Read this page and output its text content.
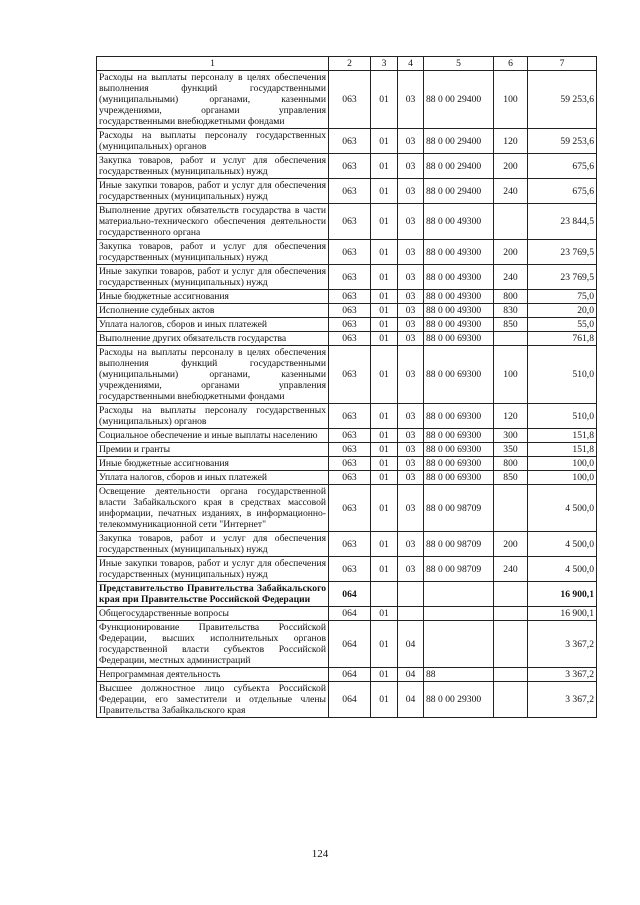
1	2	3	4	5	6	7
Расходы на выплаты персоналу в целях обеспечения выполнения функций государственными (муниципальными) органами, казенными учреждениями, органами управления государственными внебюджетными фондами	063	01	03	88 0 00 29400	100	59 253,6
Расходы на выплаты персоналу государственных (муниципальных) органов	063	01	03	88 0 00 29400	120	59 253,6
Закупка товаров, работ и услуг для обеспечения государственных (муниципальных) нужд	063	01	03	88 0 00 29400	200	675,6
Иные закупки товаров, работ и услуг для обеспечения государственных (муниципальных) нужд	063	01	03	88 0 00 29400	240	675,6
Выполнение других обязательств государства в части материально-технического обеспечения деятельности государственного органа	063	01	03	88 0 00 49300		23 844,5
Закупка товаров, работ и услуг для обеспечения государственных (муниципальных) нужд	063	01	03	88 0 00 49300	200	23 769,5
Иные закупки товаров, работ и услуг для обеспечения государственных (муниципальных) нужд	063	01	03	88 0 00 49300	240	23 769,5
Иные бюджетные ассигнования	063	01	03	88 0 00 49300	800	75,0
Исполнение судебных актов	063	01	03	88 0 00 49300	830	20,0
Уплата налогов, сборов и иных платежей	063	01	03	88 0 00 49300	850	55,0
Выполнение других обязательств государства	063	01	03	88 0 00 69300		761,8
Расходы на выплаты персоналу в целях обеспечения выполнения функций государственными (муниципальными) органами, казенными учреждениями, органами управления государственными внебюджетными фондами	063	01	03	88 0 00 69300	100	510,0
Расходы на выплаты персоналу государственных (муниципальных) органов	063	01	03	88 0 00 69300	120	510,0
Социальное обеспечение и иные выплаты населению	063	01	03	88 0 00 69300	300	151,8
Премии и гранты	063	01	03	88 0 00 69300	350	151,8
Иные бюджетные ассигнования	063	01	03	88 0 00 69300	800	100,0
Уплата налогов, сборов и иных платежей	063	01	03	88 0 00 69300	850	100,0
Освещение деятельности органа государственной власти Забайкальского края в средствах массовой информации, печатных изданиях, в информационно-телекоммуникационной сети "Интернет"	063	01	03	88 0 00 98709		4 500,0
Закупка товаров, работ и услуг для обеспечения государственных (муниципальных) нужд	063	01	03	88 0 00 98709	200	4 500,0
Иные закупки товаров, работ и услуг для обеспечения государственных (муниципальных) нужд	063	01	03	88 0 00 98709	240	4 500,0
Представительство Правительства Забайкальского края при Правительстве Российской Федерации	064					16 900,1
Общегосударственные вопросы	064	01				16 900,1
Функционирование Правительства Российской Федерации, высших исполнительных органов государственной власти субъектов Российской Федерации, местных администраций	064	01	04			3 367,2
Непрограммная деятельность	064	01	04	88		3 367,2
Высшее должностное лицо субъекта Российской Федерации, его заместители и отдельные члены Правительства Забайкальского края	064	01	04	88 0 00 29300		3 367,2
124
